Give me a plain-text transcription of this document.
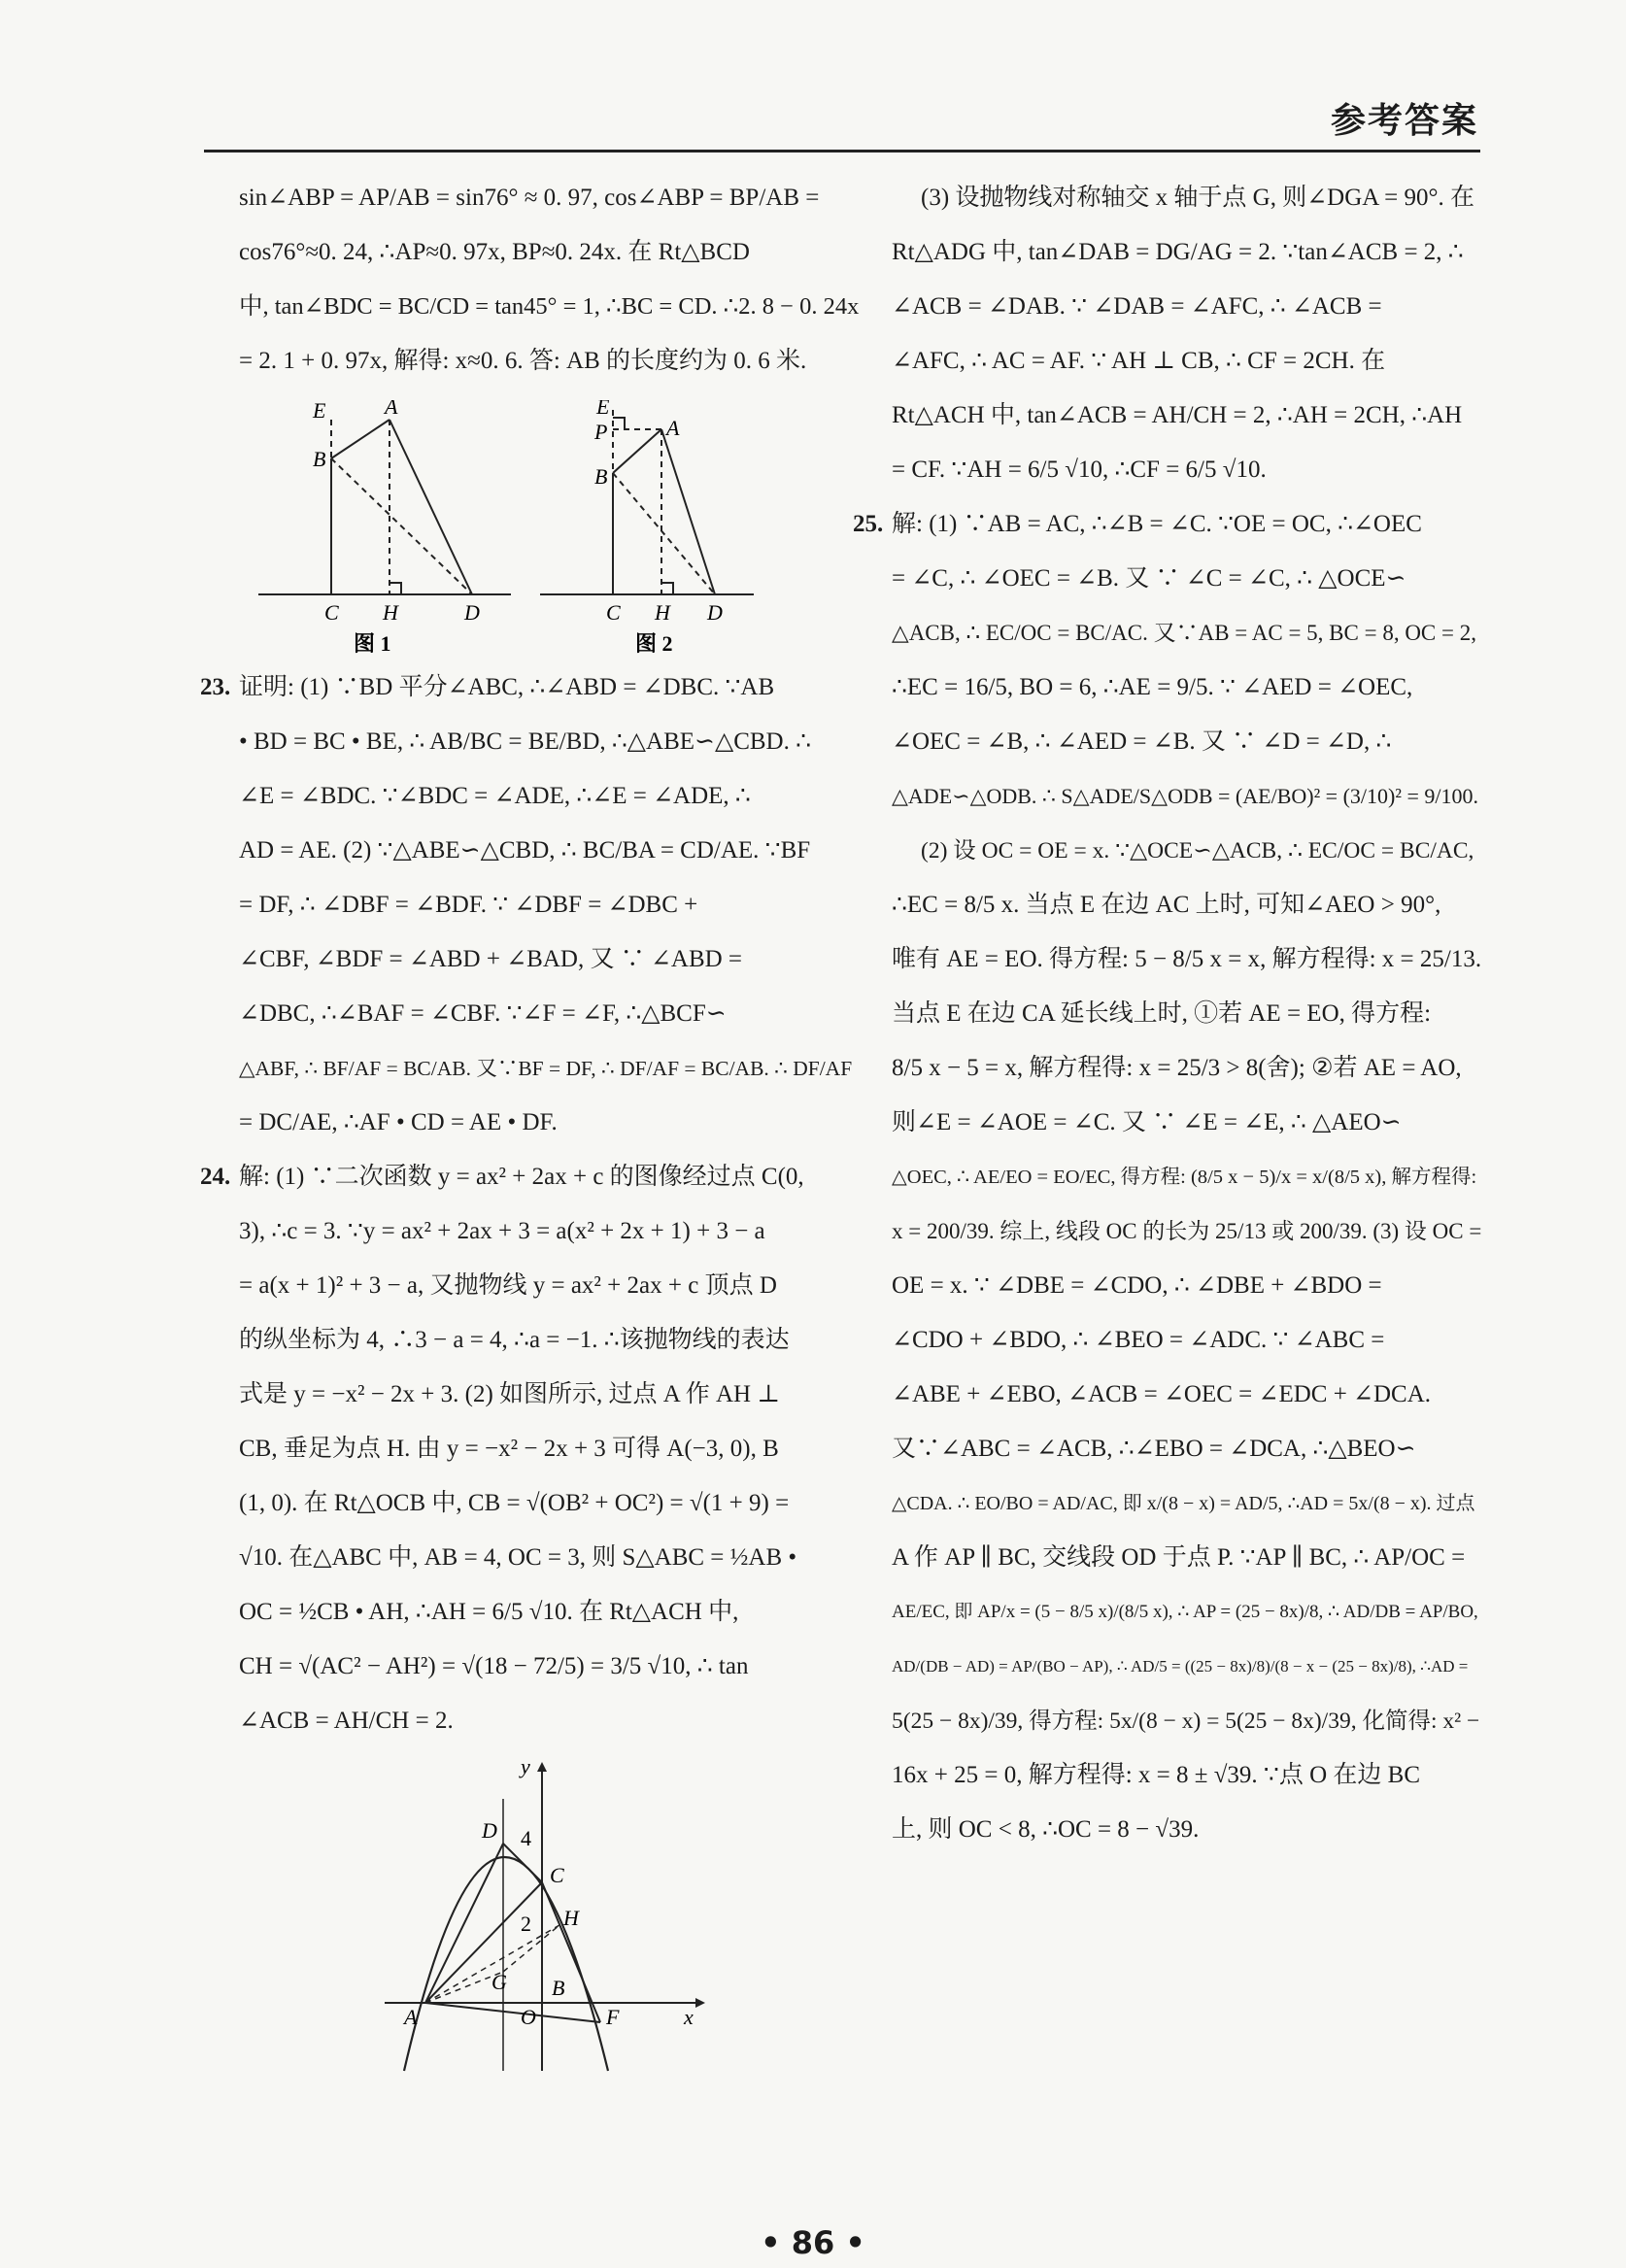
参考答案
sin∠ABP = AP/AB = sin76° ≈ 0. 97, cos∠ABP = BP/AB =
cos76°≈0. 24, ∴AP≈0. 97x, BP≈0. 24x. 在 Rt△BCD
中, tan∠BDC = BC/CD = tan45° = 1, ∴BC = CD. ∴2. 8 − 0. 24x
= 2. 1 + 0. 97x, 解得: x≈0. 6. 答: AB 的长度约为 0. 6 米.
E	A
B
C H	D
图 1
E
P	A
B
C H D
图 2
23. 证明: (1) ∵BD 平分∠ABC, ∴∠ABD = ∠DBC. ∵AB
• BD = BC • BE, ∴ AB/BC = BE/BD, ∴△ABE∽△CBD. ∴
∠E = ∠BDC. ∵∠BDC = ∠ADE, ∴∠E = ∠ADE, ∴
AD = AE. (2) ∵△ABE∽△CBD, ∴ BC/BA = CD/AE. ∵BF
= DF, ∴ ∠DBF = ∠BDF. ∵ ∠DBF = ∠DBC +
∠CBF, ∠BDF = ∠ABD + ∠BAD, 又 ∵ ∠ABD =
∠DBC, ∴∠BAF = ∠CBF. ∵∠F = ∠F, ∴△BCF∽
△ABF, ∴ BF/AF = BC/AB. 又∵BF = DF, ∴ DF/AF = BC/AB. ∴ DF/AF
= DC/AE, ∴AF • CD = AE • DF.
24. 解: (1) ∵二次函数 y = ax² + 2ax + c 的图像经过点 C(0,
3), ∴c = 3. ∵y = ax² + 2ax + 3 = a(x² + 2x + 1) + 3 − a
= a(x + 1)² + 3 − a, 又抛物线 y = ax² + 2ax + c 顶点 D
的纵坐标为 4, ∴3 − a = 4, ∴a = −1. ∴该抛物线的表达
式是 y = −x² − 2x + 3. (2) 如图所示, 过点 A 作 AH ⊥
CB, 垂足为点 H. 由 y = −x² − 2x + 3 可得 A(−3, 0), B
(1, 0). 在 Rt△OCB 中, CB = √(OB² + OC²) = √(1 + 9) =
√10. 在△ABC 中, AB = 4, OC = 3, 则 S△ABC = ½AB •
OC = ½CB • AH, ∴AH = 6/5 √10. 在 Rt△ACH 中,
CH = √(AC² − AH²) = √(18 − 72/5) = 3/5 √10, ∴ tan
∠ACB = AH/CH = 2.
y
D 4
C
2 H
G B
A	O	F	x
(3) 设抛物线对称轴交 x 轴于点 G, 则∠DGA = 90°. 在
Rt△ADG 中, tan∠DAB = DG/AG = 2. ∵tan∠ACB = 2, ∴
∠ACB = ∠DAB. ∵ ∠DAB = ∠AFC, ∴ ∠ACB =
∠AFC, ∴ AC = AF. ∵ AH ⊥ CB, ∴ CF = 2CH. 在
Rt△ACH 中, tan∠ACB = AH/CH = 2, ∴AH = 2CH, ∴AH
= CF. ∵AH = 6/5 √10, ∴CF = 6/5 √10.
25. 解: (1) ∵AB = AC, ∴∠B = ∠C. ∵OE = OC, ∴∠OEC
= ∠C, ∴ ∠OEC = ∠B. 又 ∵ ∠C = ∠C, ∴ △OCE∽
△ACB, ∴ EC/OC = BC/AC. 又∵AB = AC = 5, BC = 8, OC = 2,
∴EC = 16/5, BO = 6, ∴AE = 9/5. ∵ ∠AED = ∠OEC,
∠OEC = ∠B, ∴ ∠AED = ∠B. 又 ∵ ∠D = ∠D, ∴
△ADE∽△ODB. ∴ S△ADE/S△ODB = (AE/BO)² = (3/10)² = 9/100.
(2) 设 OC = OE = x. ∵△OCE∽△ACB, ∴ EC/OC = BC/AC,
∴EC = 8/5 x. 当点 E 在边 AC 上时, 可知∠AEO > 90°,
唯有 AE = EO. 得方程: 5 − 8/5 x = x, 解方程得: x = 25/13.
当点 E 在边 CA 延长线上时, ①若 AE = EO, 得方程:
8/5 x − 5 = x, 解方程得: x = 25/3 > 8(舍); ②若 AE = AO,
则∠E = ∠AOE = ∠C. 又 ∵ ∠E = ∠E, ∴ △AEO∽
△OEC, ∴ AE/EO = EO/EC, 得方程: (8/5 x − 5)/x = x/(8/5 x), 解方程得:
x = 200/39. 综上, 线段 OC 的长为 25/13 或 200/39. (3) 设 OC =
OE = x. ∵ ∠DBE = ∠CDO, ∴ ∠DBE + ∠BDO =
∠CDO + ∠BDO, ∴ ∠BEO = ∠ADC. ∵ ∠ABC =
∠ABE + ∠EBO, ∠ACB = ∠OEC = ∠EDC + ∠DCA.
又∵∠ABC = ∠ACB, ∴∠EBO = ∠DCA, ∴△BEO∽
△CDA. ∴ EO/BO = AD/AC, 即 x/(8 − x) = AD/5, ∴AD = 5x/(8 − x). 过点
A 作 AP ∥ BC, 交线段 OD 于点 P. ∵AP ∥ BC, ∴ AP/OC =
AE/EC, 即 AP/x = (5 − 8/5 x)/(8/5 x), ∴ AP = (25 − 8x)/8, ∴ AD/DB = AP/BO,
AD/(DB − AD) = AP/(BO − AP), ∴ AD/5 = ((25 − 8x)/8)/(8 − x − (25 − 8x)/8), ∴AD =
5(25 − 8x)/39, 得方程: 5x/(8 − x) = 5(25 − 8x)/39, 化简得: x² −
16x + 25 = 0, 解方程得: x = 8 ± √39. ∵点 O 在边 BC
上, 则 OC < 8, ∴OC = 8 − √39.
• 86 •
